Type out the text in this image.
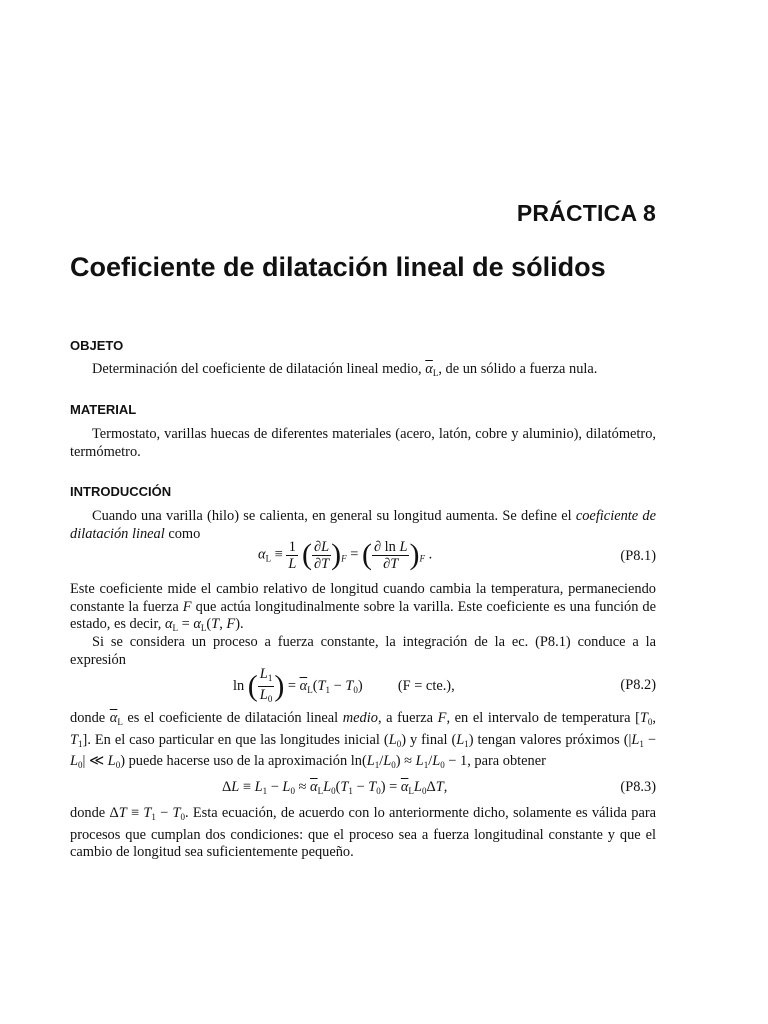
PRÁCTICA 8
Coeficiente de dilatación lineal de sólidos
OBJETO
Determinación del coeficiente de dilatación lineal medio, $\overline{\alpha}_L$, de un sólido a fuerza nula.
MATERIAL
Termostato, varillas huecas de diferentes materiales (acero, latón, cobre y aluminio), dilatómetro, termómetro.
INTRODUCCIÓN
Cuando una varilla (hilo) se calienta, en general su longitud aumenta. Se define el coeficiente de dilatación lineal como
$\alpha_L \equiv \frac{1}{L}$ ( $\frac{\partial L}{\partial T} )_F$ = ( $\frac{\text{∂ ln L}}{\partial T} )_F$ .	(P8.1)
Este coeficiente mide el cambio relativo de longitud cuando cambia la temperatura, permaneciendo constante la fuerza F que actúa longitudinalmente sobre la varilla. Este coeficiente es una función de estado, es decir, $\alpha_L = \alpha_L(T$, F).
Si se considera un proceso a fuerza constante, la integración de la ec. (P8.1) conduce a la expresión
ln ( $\frac{L_1}{L_0}$ ) = $\overline{\alpha}_L(T_1 - T_0) (F = cte.)$,	(P8.2)
donde $\overline{\alpha}_L$ es el coeficiente de dilatación lineal medio, a fuerza F, en el intervalo de temperatura [$T_0$, $T_1$]. En el caso particular en que las longitudes inicial $(L_0)$ y final $(L_1)$ tengan valores próximos ($|L_1 - L_0|$ ≪ $L_0$) puede hacerse uso de la aproximación $\ln(L_1/L_0) \approx L_1/L_0 - 1$, para obtener
$\Delta L \equiv L_1 - L_0 \approx \overline{\alpha}_LL_0(T_1 - T_0) = \overline{\alpha}_LL_0\Delta T$,	(P8.3)
donde $\Delta T \equiv T_1 - T_0$. Esta ecuación, de acuerdo con lo anteriormente dicho, solamente es válida para procesos que cumplan dos condiciones: que el proceso sea a fuerza longitudinal constante y que el cambio de longitud sea suficientemente pequeño.
